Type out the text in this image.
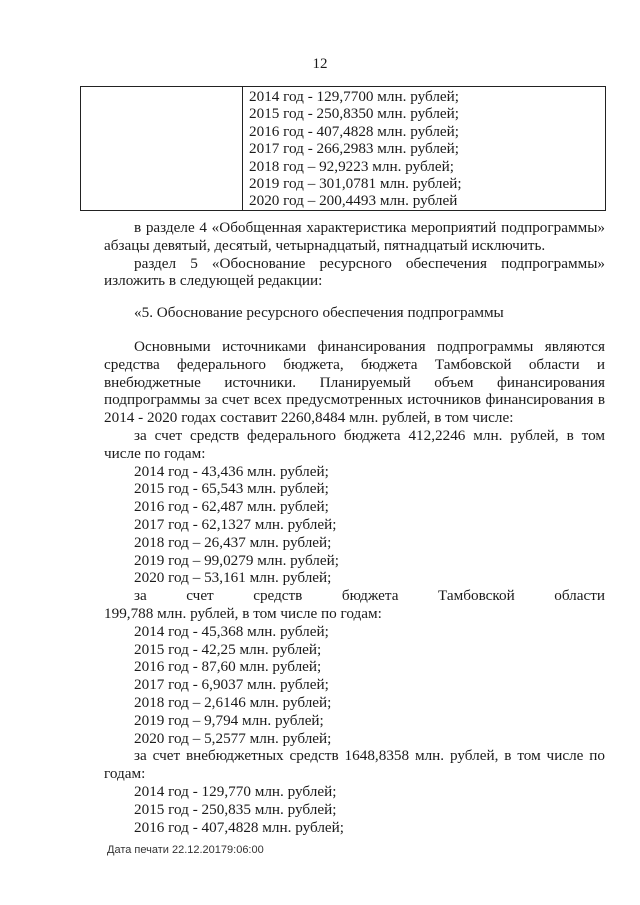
12

2014 год - 129,7700 млн. рублей;
2015 год - 250,8350 млн. рублей;
2016 год - 407,4828 млн. рублей;
2017 год - 266,2983 млн. рублей;
2018 год – 92,9223 млн. рублей;
2019 год – 301,0781 млн. рублей;
2020 год – 200,4493 млн. рублей

в разделе 4 «Обобщенная характеристика мероприятий подпрограммы»

абзацы девятый, десятый, четырнадцатый, пятнадцатый исключить.

раздел 5 «Обоснование ресурсного обеспечения подпрограммы»

изложить в следующей редакции:

«5. Обоснование ресурсного обеспечения подпрограммы

Основными источниками финансирования подпрограммы являются

средства федерального бюджета, бюджета Тамбовской области и

внебюджетные источники. Планируемый объем финансирования

подпрограммы за счет всех предусмотренных источников финансирования в

2014 - 2020 годах составит 2260,8484 млн. рублей, в том числе:

за счет средств федерального бюджета 412,2246 млн. рублей, в том

числе по годам:

2014 год - 43,436 млн. рублей;

2015 год - 65,543 млн. рублей;

2016 год - 62,487 млн. рублей;

2017 год - 62,1327 млн. рублей;

2018 год – 26,437 млн. рублей;

2019 год – 99,0279 млн. рублей;

2020 год – 53,161 млн. рублей;

за счет средств бюджета Тамбовской области

199,788 млн. рублей, в том числе по годам:

2014 год - 45,368 млн. рублей;

2015 год - 42,25 млн. рублей;

2016 год - 87,60 млн. рублей;

2017 год - 6,9037 млн. рублей;

2018 год – 2,6146 млн. рублей;

2019 год – 9,794 млн. рублей;

2020 год – 5,2577 млн. рублей;

за счет внебюджетных средств 1648,8358 млн. рублей, в том числе по

годам:

2014 год - 129,770 млн. рублей;

2015 год - 250,835 млн. рублей;

2016 год - 407,4828 млн. рублей;

Дата печати 22.12.20179:06:00
